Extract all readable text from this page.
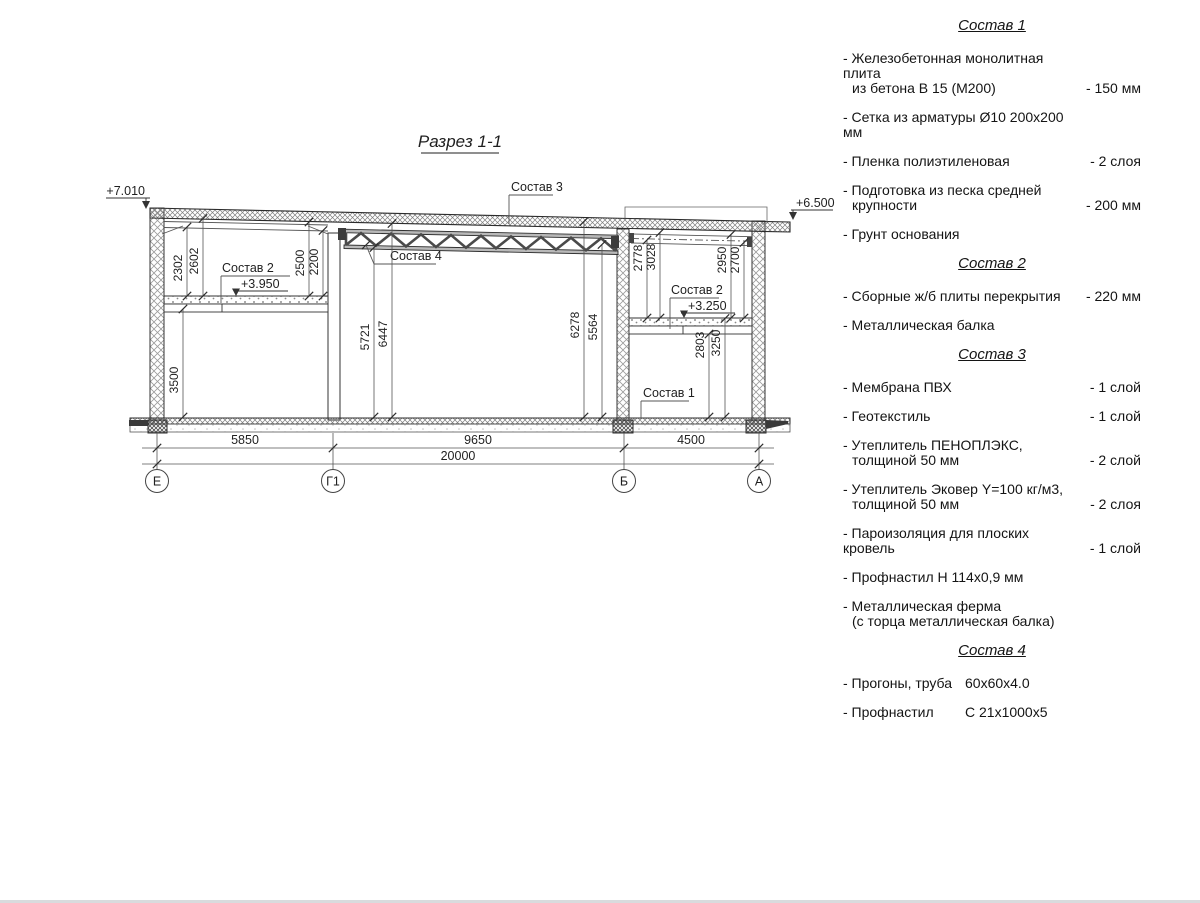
Разрез 1-1
+7.010
+6.500
+3.950
+3.250
Состав 3
Состав 4
Состав 2
Состав 2
Состав 1
2302 2602	2500 2200
3500
5721 6447	6278 5564
2778 3028	2950 2700
2803 3250
5850	9650	4500
20000
Е	Г1	Б	А
Состав 1
- Железобетонная монолитная плита
из бетона В 15 (М200)	- 150 мм
- Сетка из арматуры Ø10 200х200 мм
- Пленка полиэтиленовая	- 2 слоя
- Подготовка из песка средней
крупности	- 200 мм
- Грунт основания
Состав 2
- Сборные ж/б плиты перекрытия	- 220 мм
- Металлическая балка
Состав 3
- Мембрана ПВХ	- 1 слой
- Геотекстиль	- 1 слой
- Утеплитель ПЕНОПЛЭКС,
толщиной 50 мм	- 2 слой
- Утеплитель Эковер Y=100 кг/м3,
толщиной 50 мм	- 2 слоя
- Пароизоляция для плоских кровель	- 1 слой
- Профнастил Н 114х0,9 мм
- Металлическая ферма
(с торца металлическая балка)
Состав 4
- Прогоны, труба 60х60х4.0
- Профнастил	С 21х1000х5
